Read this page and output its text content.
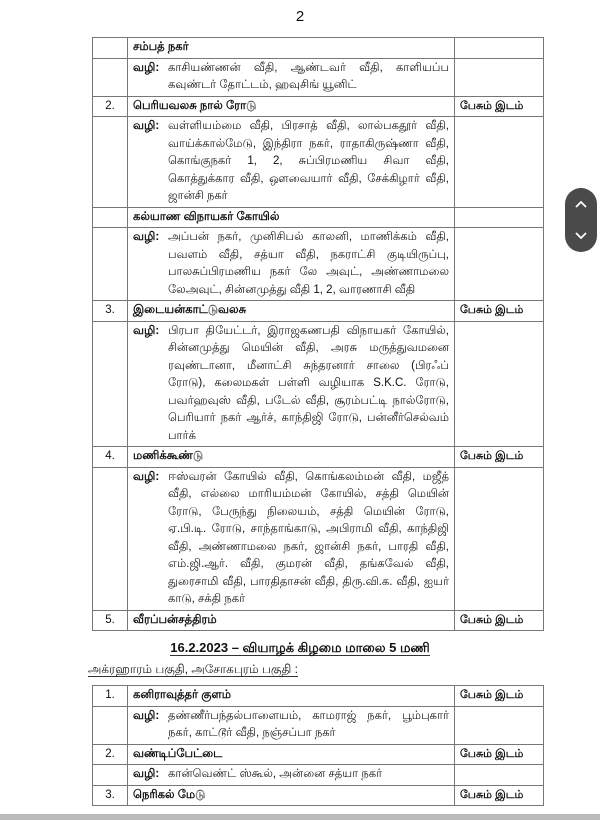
2
	சம்பத் நகர்	
	வழி: காசியண்ணன் வீதி, ஆண்டவர் வீதி, காளியப்ப கவுண்டர் தோட்டம், ஹவுசிங் யூனிட்	
2.	பெரியவலசு நால் ரோடு	பேசும் இடம்
	வழி: வள்ளியம்மை வீதி, பிரசாத் வீதி, லால்பகதூர் வீதி, வாய்க்கால்மேடு, இந்திரா நகர், ராதாகிருஷ்ணா வீதி, கொங்குநகர் 1, 2, சுப்பிரமணிய சிவா வீதி, கொத்துக்கார வீதி, ஔவையார் வீதி, சேக்கிழார் வீதி, ஜான்சி நகர்	
	கல்யாண விநாயகர் கோயில்	
	வழி: அப்பன் நகர், முனிசிபல் காலனி, மாணிக்கம் வீதி, பவளம் வீதி, சத்யா வீதி, நகராட்சி குடியிருப்பு, பாலசுப்பிரமணிய நகர் லே அவுட், அண்ணாமலை லேஅவுட், சின்னமுத்து வீதி 1, 2, வாரணாசி வீதி	
3.	இடையன்காட்டுவலசு	பேசும் இடம்
	வழி: பிரபா தியேட்டர், இராஜகணபதி விநாயகர் கோயில், சின்னமுத்து மெயின் வீதி, அரசு மருத்துவமனை ரவுண்டானா, மீனாட்சி சுந்தரனார் சாலை (பிரஃப் ரோடு), கலைமகள் பள்ளி வழியாக S.K.C. ரோடு, பவர்ஹவுஸ் வீதி, படேல் வீதி, சூரம்பட்டி நால்ரோடு, பெரியார் நகர் ஆர்ச், காந்திஜி ரோடு, பன்னீர்செல்வம் பார்க்	
4.	மணிக்கூண்டு	பேசும் இடம்
	வழி: ஈஸ்வரன் கோயில் வீதி, கொங்கலம்மன் வீதி, மஜீத் வீதி, எல்லை மாரியம்மன் கோயில், சத்தி மெயின் ரோடு, பேருந்து நிலையம், சத்தி மெயின் ரோடு, ஏ.பி.டி. ரோடு, சாந்தாங்காடு, அபிராமி வீதி, காந்திஜி வீதி, அண்ணாமலை நகர், ஜான்சி நகர், பாரதி வீதி, எம்.ஜி.ஆர். வீதி, குமரன் வீதி, தங்கவேல் வீதி, துரைசாமி வீதி, பாரதிதாசன் வீதி, திரு.வி.க. வீதி, ஐயர் காடு, சக்தி நகர்	
5.	வீரப்பன்சத்திரம்	பேசும் இடம்
16.2.2023 – வியாழக் கிழமை மாலை 5 மணி
அக்ரஹாரம் பகுதி, அசோகபுரம் பகுதி :
1.	கனிராவுத்தர் குளம்	பேசும் இடம்
	வழி: தண்ணீர்பந்தல்பாளையம், காமராஜ் நகர், பூம்புகார் நகர், காட்டூர் வீதி, நஞ்சப்பா நகர்	
2.	வண்டிப்பேட்டை	பேசும் இடம்
	வழி: கான்வெண்ட் ஸ்கூல், அன்னை சத்யா நகர்	
3.	நெரிகல் மேடு	பேசும் இடம்
